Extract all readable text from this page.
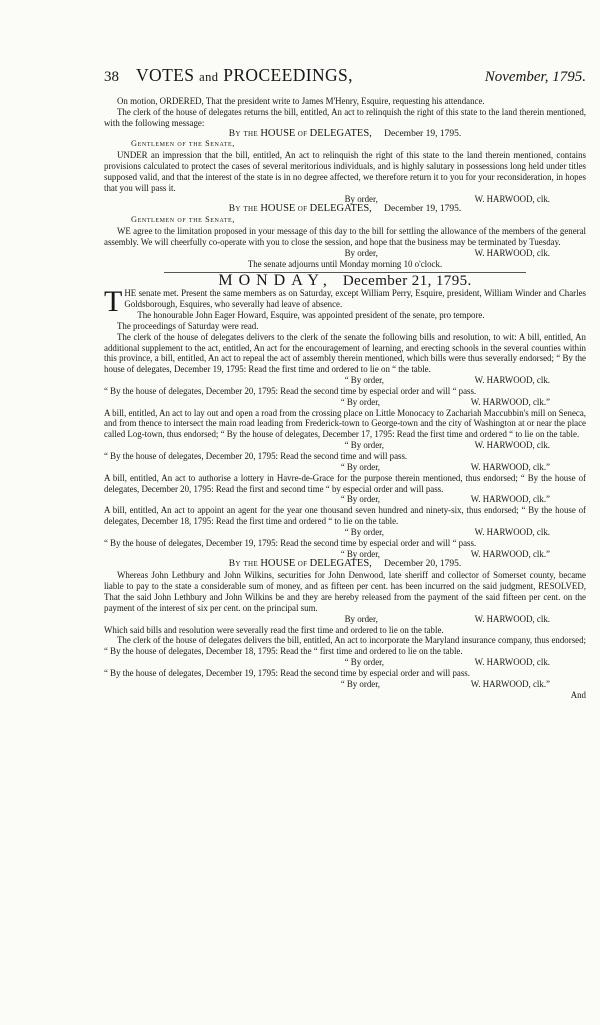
38 VOTES and PROCEEDINGS,	November, 1795.

On motion, ORDERED, That the president write to James M'Henry, Esquire, requesting his attendance.

The clerk of the house of delegates returns the bill, entitled, An act to relinquish the right of this state to the land therein mentioned, with the following message:

By the HOUSE of DELEGATES, December 19, 1795.

Gentlemen of the Senate,

UNDER an impression that the bill, entitled, An act to relinquish the right of this state to the land therein mentioned, contains provisions calculated to protect the cases of several meritorious individuals, and is highly salutary in possessions long held under titles supposed valid, and that the interest of the state is in no degree affected, we therefore return it to you for your reconsideration, in hopes that you will pass it.

By order,	W. HARWOOD, clk.

By the HOUSE of DELEGATES, December 19, 1795.

Gentlemen of the Senate,

WE agree to the limitation proposed in your message of this day to the bill for settling the allowance of the members of the general assembly. We will cheerfully co-operate with you to close the session, and hope that the business may be terminated by Tuesday.

By order,	W. HARWOOD, clk.

The senate adjourns until Monday morning 10 o'clock.

MONDAY, December 21, 1795.

THE senate met. Present the same members as on Saturday, except William Perry, Esquire, president, William Winder and Charles Goldsborough, Esquires, who severally had leave of absence.

The honourable John Eager Howard, Esquire, was appointed president of the senate, pro tempore.

The proceedings of Saturday were read.

The clerk of the house of delegates delivers to the clerk of the senate the following bills and resolution, to wit: A bill, entitled, An additional supplement to the act, entitled, An act for the encouragement of learning, and erecting schools in the several counties within this province, a bill, entitled, An act to repeal the act of assembly therein mentioned, which bills were thus severally endorsed; “ By the house of delegates, December 19, 1795: Read the first time and ordered to lie on “ the table.

“ By order,	W. HARWOOD, clk.

“ By the house of delegates, December 20, 1795: Read the second time by especial order and will “ pass.

“ By order,	W. HARWOOD, clk.”

A bill, entitled, An act to lay out and open a road from the crossing place on Little Monocacy to Zachariah Maccubbin's mill on Seneca, and from thence to intersect the main road leading from Frederick-town to George-town and the city of Washington at or near the place called Log-town, thus endorsed; “ By the house of delegates, December 17, 1795: Read the first time and ordered “ to lie on the table.

“ By order,	W. HARWOOD, clk.

“ By the house of delegates, December 20, 1795: Read the second time and will pass.

“ By order,	W. HARWOOD, clk.”

A bill, entitled, An act to authorise a lottery in Havre-de-Grace for the purpose therein mentioned, thus endorsed; “ By the house of delegates, December 20, 1795: Read the first and second time “ by especial order and will pass.

“ By order,	W. HARWOOD, clk.”

A bill, entitled, An act to appoint an agent for the year one thousand seven hundred and ninety-six, thus endorsed; “ By the house of delegates, December 18, 1795: Read the first time and ordered “ to lie on the table.

“ By order,	W. HARWOOD, clk.

“ By the house of delegates, December 19, 1795: Read the second time by especial order and will “ pass.

“ By order,	W. HARWOOD, clk.”

By the HOUSE of DELEGATES, December 20, 1795.

Whereas John Lethbury and John Wilkins, securities for John Denwood, late sheriff and collector of Somerset county, became liable to pay to the state a considerable sum of money, and as fifteen per cent. has been incurred on the said judgment, RESOLVED, That the said John Lethbury and John Wilkins be and they are hereby released from the payment of the said fifteen per cent. on the payment of the interest of six per cent. on the principal sum.

By order,	W. HARWOOD, clk.

Which said bills and resolution were severally read the first time and ordered to lie on the table.

The clerk of the house of delegates delivers the bill, entitled, An act to incorporate the Maryland insurance company, thus endorsed; “ By the house of delegates, December 18, 1795: Read the “ first time and ordered to lie on the table.

“ By order,	W. HARWOOD, clk.

“ By the house of delegates, December 19, 1795: Read the second time by especial order and will pass.

“ By order,	W. HARWOOD, clk.”

And
